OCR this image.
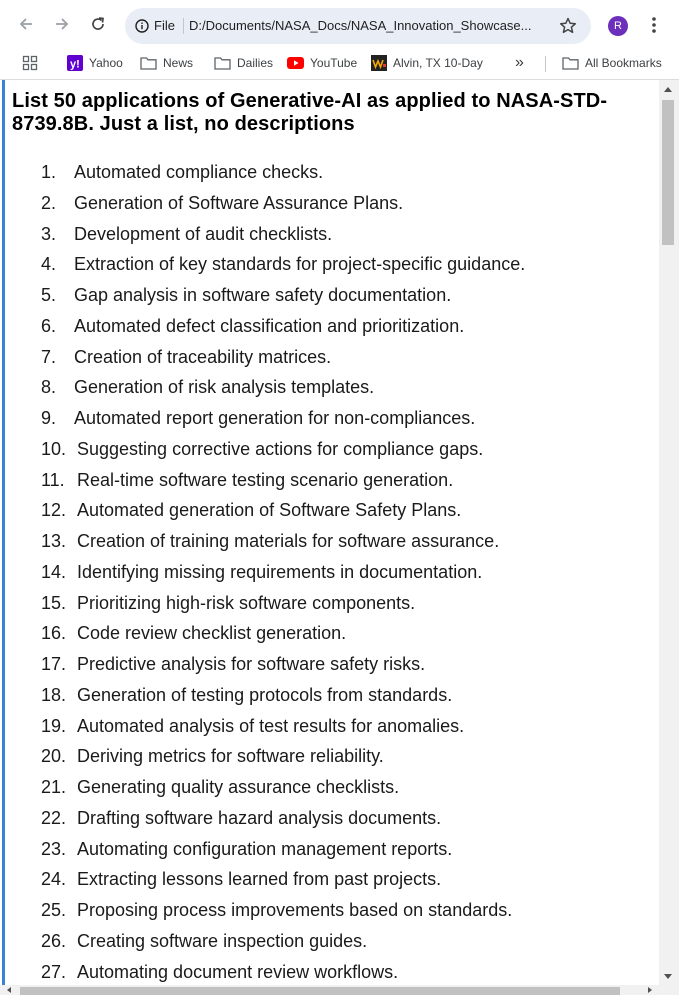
File D:/Documents/NASA_Docs/NASA_Innovation_Showcase...	R
y! Yahoo	News	Dailies	YouTube	Alvin, TX 10-Day »	All Bookmarks
List 50 applications of Generative-AI as applied to NASA-STD-8739.8B. Just a list, no descriptions
1. Automated compliance checks.
2. Generation of Software Assurance Plans.
3. Development of audit checklists.
4. Extraction of key standards for project-specific guidance.
5. Gap analysis in software safety documentation.
6. Automated defect classification and prioritization.
7. Creation of traceability matrices.
8. Generation of risk analysis templates.
9. Automated report generation for non-compliances.
10. Suggesting corrective actions for compliance gaps.
11. Real-time software testing scenario generation.
12. Automated generation of Software Safety Plans.
13. Creation of training materials for software assurance.
14. Identifying missing requirements in documentation.
15. Prioritizing high-risk software components.
16. Code review checklist generation.
17. Predictive analysis for software safety risks.
18. Generation of testing protocols from standards.
19. Automated analysis of test results for anomalies.
20. Deriving metrics for software reliability.
21. Generating quality assurance checklists.
22. Drafting software hazard analysis documents.
23. Automating configuration management reports.
24. Extracting lessons learned from past projects.
25. Proposing process improvements based on standards.
26. Creating software inspection guides.
27. Automating document review workflows.
